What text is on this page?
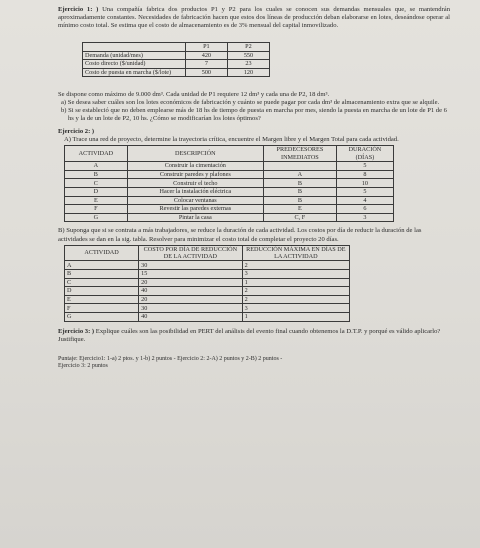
Ejercicio 1: ) Una compañía fabrica dos productos P1 y P2 para los cuales se conocen sus demandas mensuales que, se mantendrán aproximadamente constantes. Necesidades de fabricación hacen que estos dos líneas de producción deban elaborarse en lotes, deseándose operar al mínimo costo total. Se estima que el costo de almacenamiento es de 3% mensual del capital inmovilizado.

	P1	P2
Demanda (unidad/mes)	420	550
Costo directo ($/unidad)	7	23
Costo de puesta en marcha ($/lote)	500	120

Se dispone como máximo de 9.000 dm³. Cada unidad de P1 requiere 12 dm³ y cada una de P2, 18 dm³.

a) Se desea saber cuáles son los lotes económicos de fabricación y cuánto se puede pagar por cada dm³ de almacenamiento extra que se alquile.

b) Si se estableció que no deben emplearse más de 18 hs de tiempo de puesta en marcha por mes, siendo la puesta en marcha de un lote de P1 de 6 hs y la de un lote de P2, 10 hs. ¿Cómo se modificarían los lotes óptimos?

Ejercicio 2: )

A) Trace una red de proyecto, determine la trayectoria crítica, encuentre el Margen libre y el Margen Total para cada actividad.

ACTIVIDAD	DESCRIPCIÓN	PREDECESORES INMEDIATOS	DURACIÓN (DÍAS)
A	Construir la cimentación		5
B	Construir paredes y plafones	A	8
C	Construir el techo	B	10
D	Hacer la instalación eléctrica	B	5
E	Colocar ventanas	B	4
F	Revestir las paredes externas	E	6
G	Pintar la casa	C, F	3

B) Suponga que si se contrata a más trabajadores, se reduce la duración de cada actividad. Los costos por día de reducir la duración de las actividades se dan en la sig. tabla. Resolver para minimizar el costo total de completar el proyecto 20 días.

ACTIVIDAD	COSTO POR DÍA DE REDUCCIÓN DE LA ACTIVIDAD	REDUCCIÓN MÁXIMA EN DÍAS DE LA ACTIVIDAD
A	30	2
B	15	3
C	20	1
D	40	2
E	20	2
F	30	3
G	40	1

Ejercicio 3: ) Explique cuáles son las posibilidad en PERT del análisis del evento final cuando obtenemos la D.T.P. y porqué es válido aplicarlo? Justifique.

Puntaje: Ejercicio1: 1-a) 2 ptos. y 1-b) 2 puntos - Ejercicio 2: 2-A) 2 puntos y 2-B) 2 puntos -

Ejercicio 3: 2 puntos
